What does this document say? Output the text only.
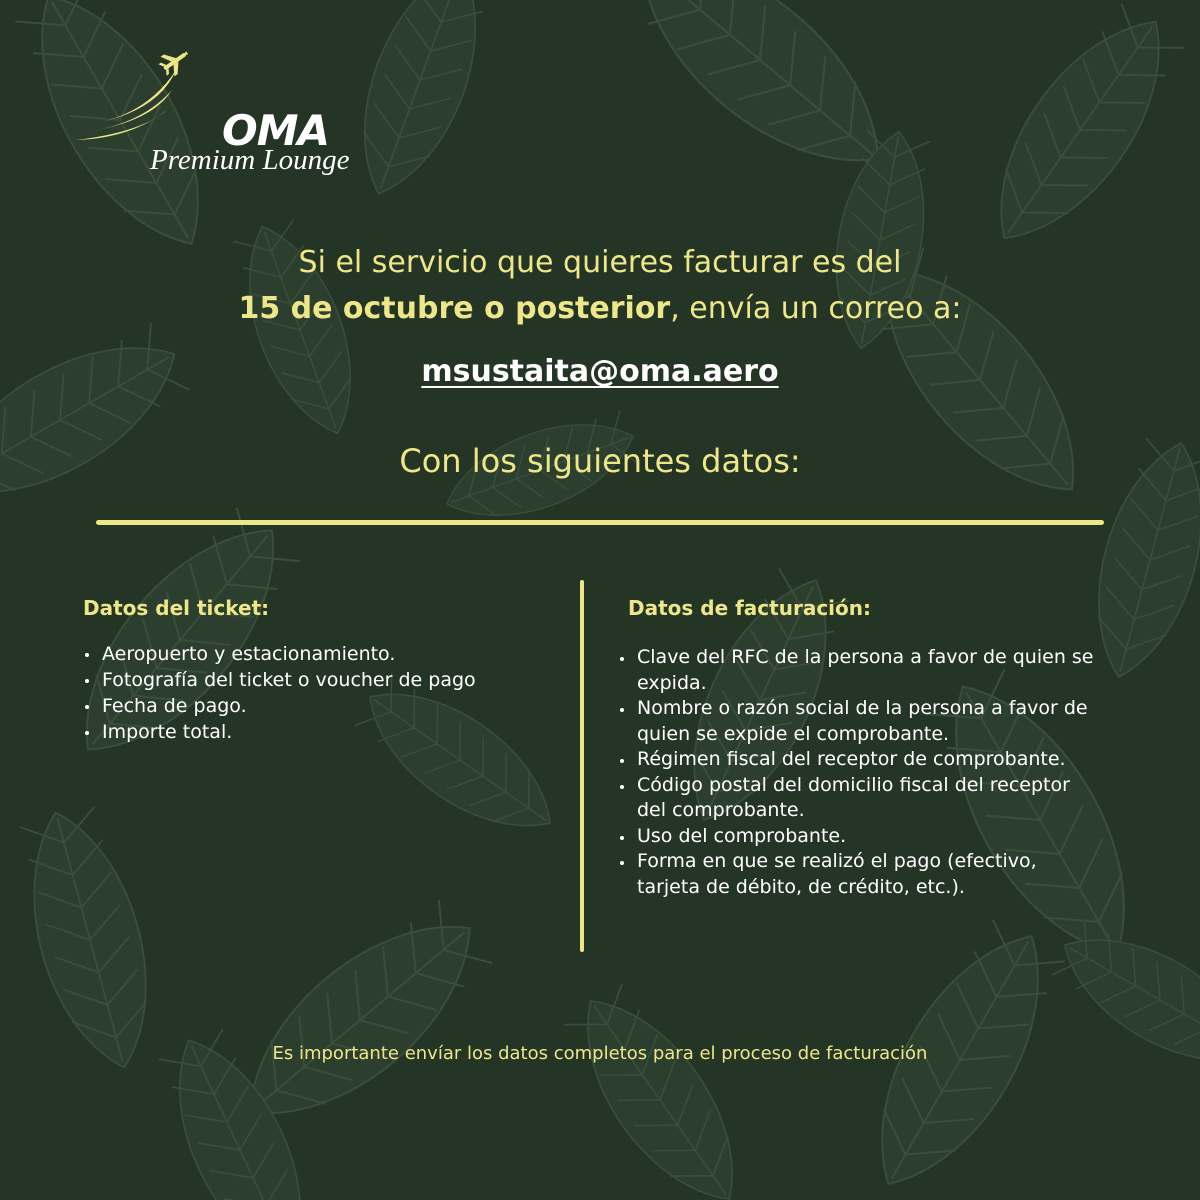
OMA
Premium Lounge
Si el servicio que quieres facturar es del
15 de octubre o posterior, envía un correo a:
msustaita@oma.aero
Con los siguientes datos:
Datos del ticket:
Aeropuerto y estacionamiento.
Fotografía del ticket o voucher de pago
Fecha de pago.
Importe total.
Datos de facturación:
Clave del RFC de la persona a favor de quien se expida.
Nombre o razón social de la persona a favor de quien se expide el comprobante.
Régimen fiscal del receptor de comprobante.
Código postal del domicilio fiscal del receptor del comprobante.
Uso del comprobante.
Forma en que se realizó el pago (efectivo, tarjeta de débito, de crédito, etc.).
Es importante envíar los datos completos para el proceso de facturación
